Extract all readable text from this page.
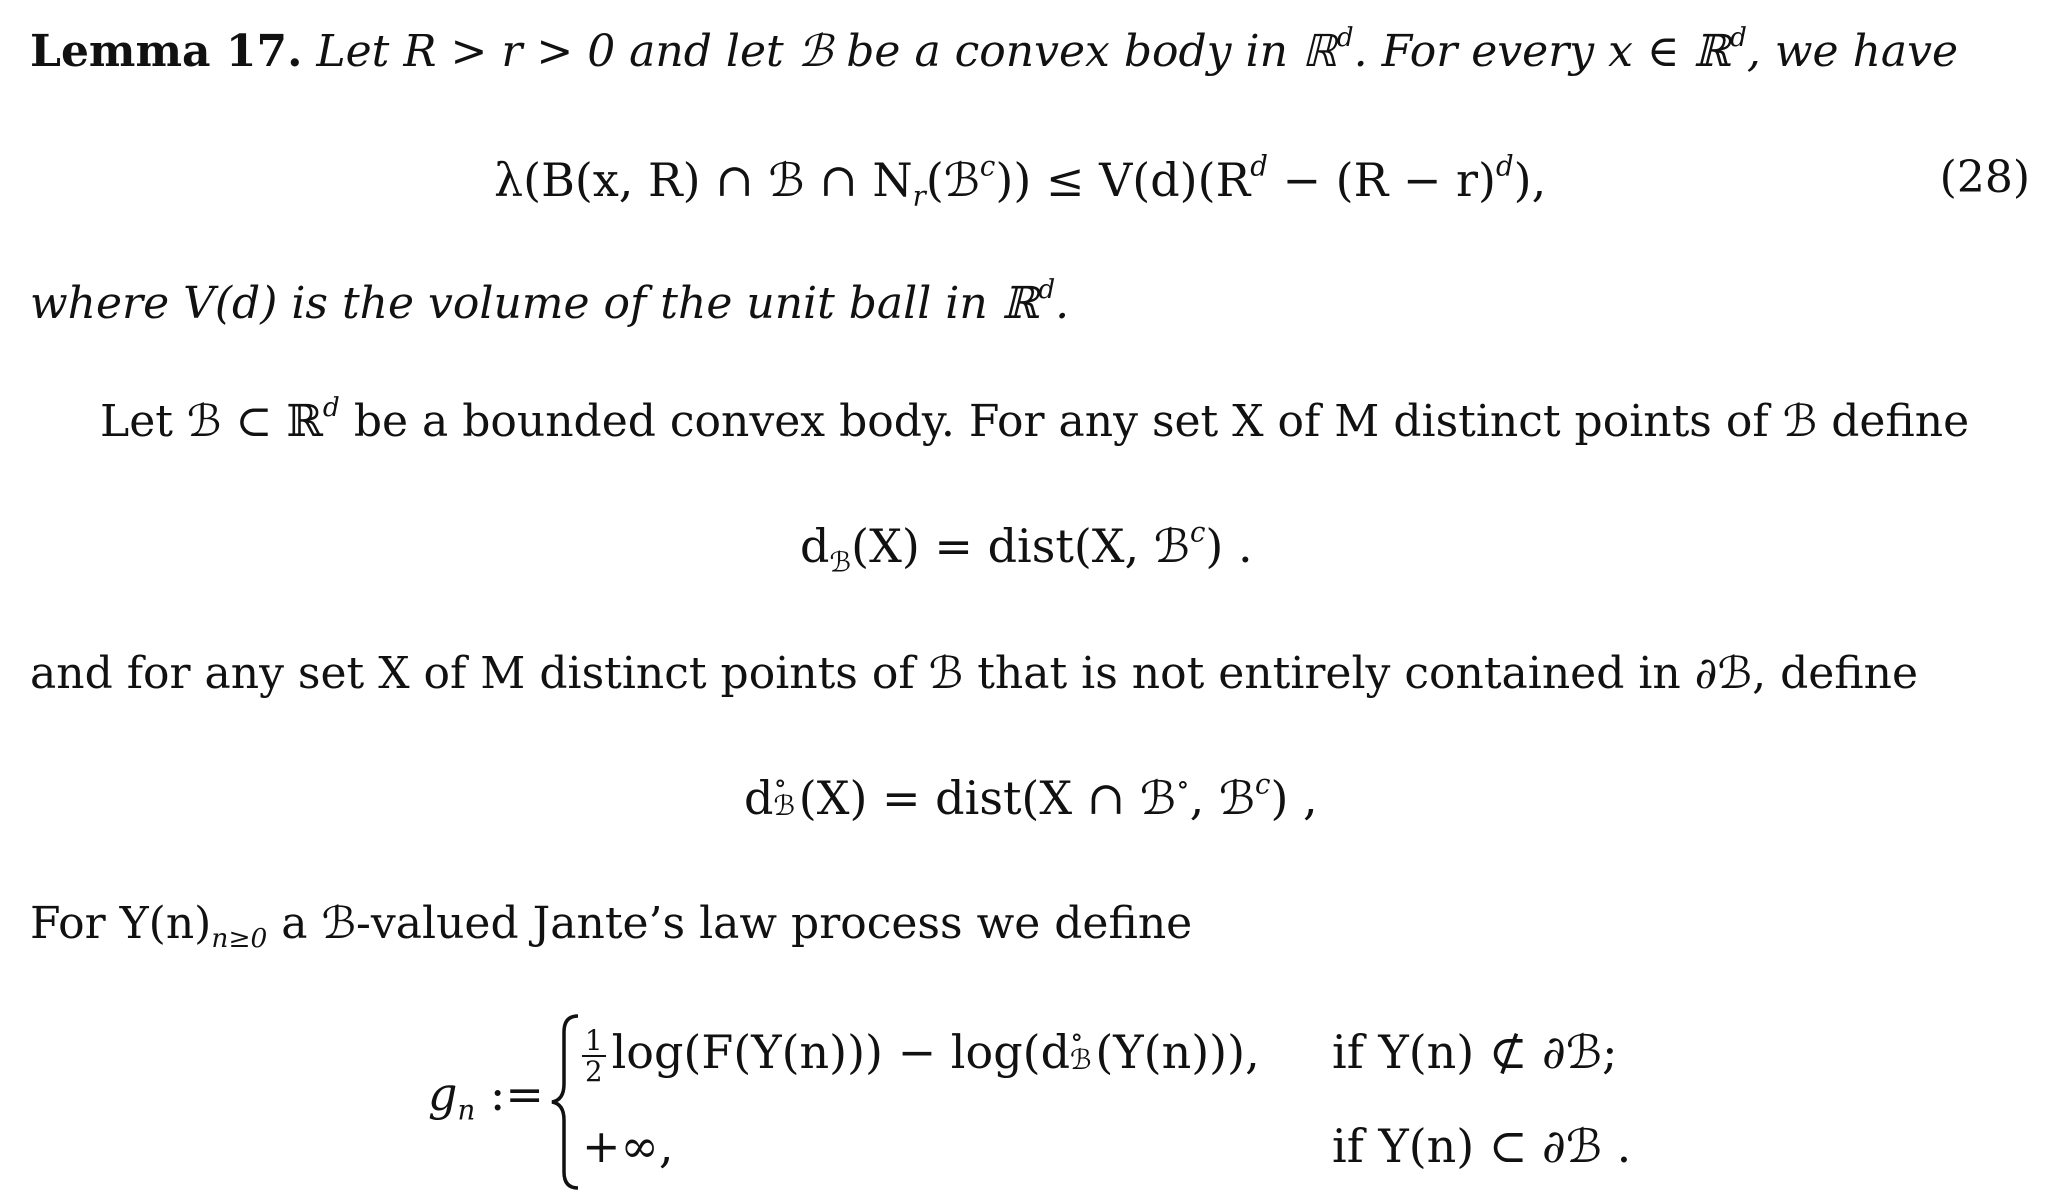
Lemma 17. Let R > r > 0 and let ℬ be a convex body in ℝ$^d$. For every x ∈ ℝ$^d$, we have
λ(B(x, R) ∩ ℬ ∩ $N_r(ℬ^c)) \le V(d)(R^d - (R - r)^d)$,	(28)
where V(d) is the volume of the unit ball in ℝ$^d$.
Let ℬ ⊂ ℝ$^d$ be a bounded convex body. For any set X of M distinct points of ℬ define
$d_ℬ(X)$ = dist(X, ℬ$^c$) .
and for any set X of M distinct points of ℬ that is not entirely contained in ∂ℬ, define
d ∘
ℬ (X) = dist(X ∩ ℬ∘, ℬ$^c$) ,
For $Y(n)_{n\ge 0}$ a ℬ-valued Jante’s law process we define
$g_n$ :=
$\frac{1}{2} \log(F(Y(n))) - \log(d$ ∘
ℬ (Y(n))), if Y(n) ⊄ ∂ℬ;
+∞,	if Y(n) ⊂ ∂ℬ .
